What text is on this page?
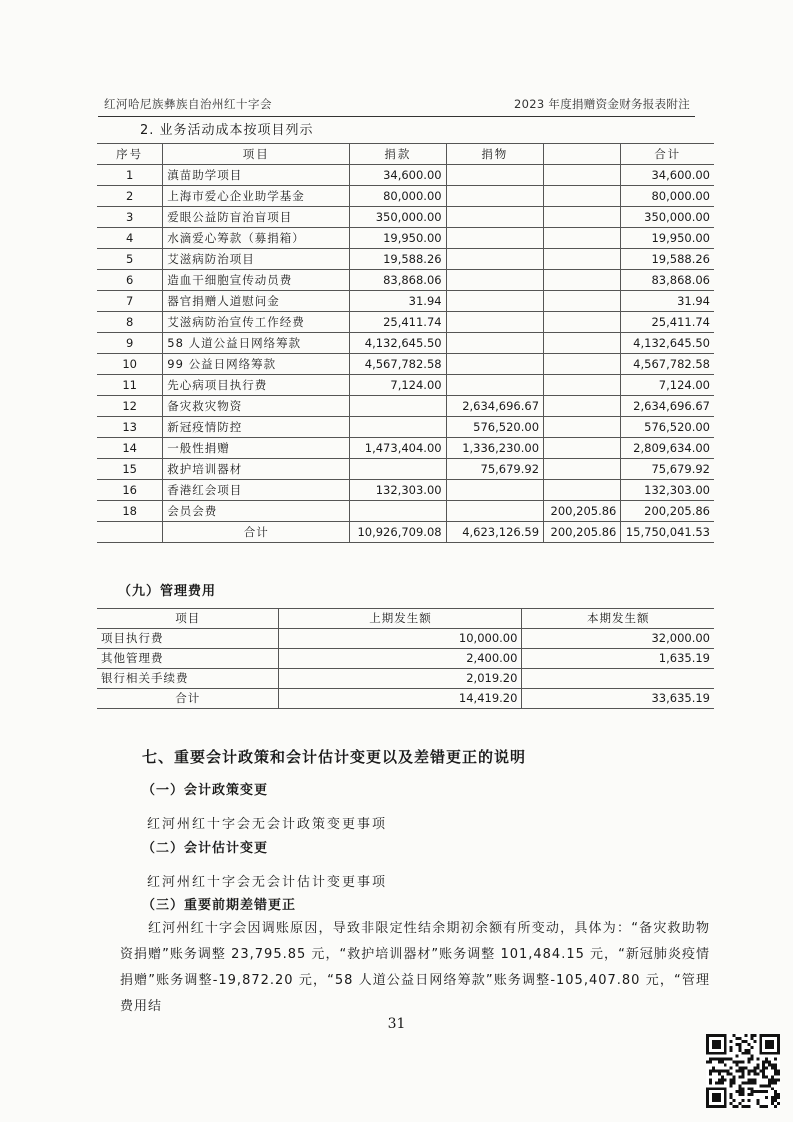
红河哈尼族彝族自治州红十字会	2023 年度捐赠资金财务报表附注
2. 业务活动成本按项目列示
序号	项目	捐款	捐物		合计
1	滇苗助学项目	34,600.00			34,600.00
2	上海市爱心企业助学基金	80,000.00			80,000.00
3	爱眼公益防盲治盲项目	350,000.00			350,000.00
4	水滴爱心筹款（募捐箱）	19,950.00			19,950.00
5	艾滋病防治项目	19,588.26			19,588.26
6	造血干细胞宣传动员费	83,868.06			83,868.06
7	器官捐赠人道慰问金	31.94			31.94
8	艾滋病防治宣传工作经费	25,411.74			25,411.74
9	58 人道公益日网络筹款	4,132,645.50			4,132,645.50
10	99 公益日网络筹款	4,567,782.58			4,567,782.58
11	先心病项目执行费	7,124.00			7,124.00
12	备灾救灾物资		2,634,696.67		2,634,696.67
13	新冠疫情防控		576,520.00		576,520.00
14	一般性捐赠	1,473,404.00	1,336,230.00		2,809,634.00
15	救护培训器材		75,679.92		75,679.92
16	香港红会项目	132,303.00			132,303.00
18	会员会费			200,205.86	200,205.86
	合计	10,926,709.08	4,623,126.59	200,205.86	15,750,041.53
（九）管理费用
项目	上期发生额	本期发生额
项目执行费	10,000.00	32,000.00
其他管理费	2,400.00	1,635.19
银行相关手续费	2,019.20	
合计	14,419.20	33,635.19
七、重要会计政策和会计估计变更以及差错更正的说明
（一）会计政策变更
红河州红十字会无会计政策变更事项
（二）会计估计变更
红河州红十字会无会计估计变更事项
（三）重要前期差错更正
红河州红十字会因调账原因，导致非限定性结余期初余额有所变动，具体为：“备灾救助物资捐赠”账务调整 23,795.85 元，“救护培训器材”账务调整 101,484.15 元，“新冠肺炎疫情捐赠”账务调整-19,872.20 元，“58 人道公益日网络筹款”账务调整-105,407.80 元，“管理费用结
31
